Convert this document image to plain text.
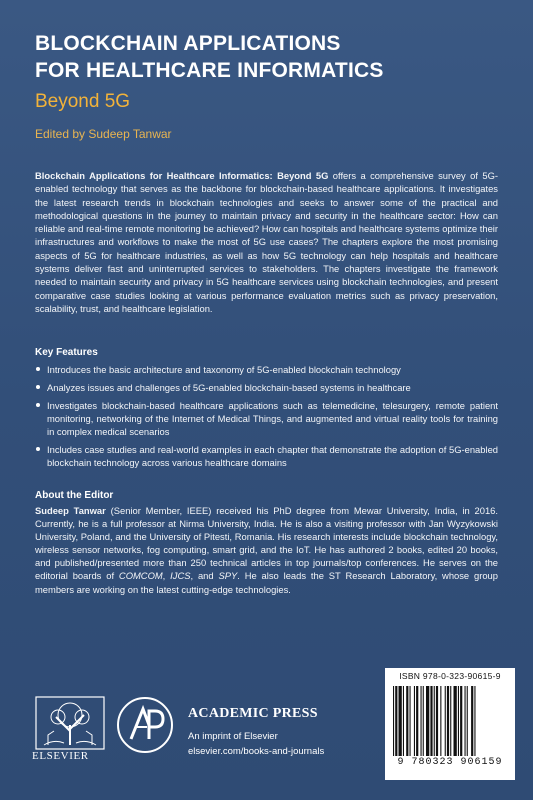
BLOCKCHAIN APPLICATIONS
FOR HEALTHCARE INFORMATICS
Beyond 5G
Edited by Sudeep Tanwar
Blockchain Applications for Healthcare Informatics: Beyond 5G offers a comprehensive survey of 5G-enabled technology that serves as the backbone for blockchain-based healthcare applications. It investigates the latest research trends in blockchain technologies and seeks to answer some of the practical and methodological questions in the journey to maintain privacy and security in the healthcare sector: How can reliable and real-time remote monitoring be achieved? How can hospitals and healthcare systems optimize their infrastructures and workflows to make the most of 5G use cases? The chapters explore the most promising aspects of 5G for healthcare industries, as well as how 5G technology can help hospitals and healthcare systems deliver fast and uninterrupted services to stakeholders. The chapters investigate the framework needed to maintain security and privacy in 5G healthcare services using blockchain technologies, and present comparative case studies looking at various performance evaluation metrics such as privacy preservation, scalability, trust, and healthcare legislation.
Key Features
Introduces the basic architecture and taxonomy of 5G-enabled blockchain technology
Analyzes issues and challenges of 5G-enabled blockchain-based systems in healthcare
Investigates blockchain-based healthcare applications such as telemedicine, telesurgery, remote patient monitoring, networking of the Internet of Medical Things, and augmented and virtual reality tools for training in complex medical scenarios
Includes case studies and real-world examples in each chapter that demonstrate the adoption of 5G-enabled blockchain technology across various healthcare domains
About the Editor
Sudeep Tanwar (Senior Member, IEEE) received his PhD degree from Mewar University, India, in 2016. Currently, he is a full professor at Nirma University, India. He is also a visiting professor with Jan Wyzykowski University, Poland, and the University of Pitesti, Romania. His research interests include blockchain technology, wireless sensor networks, fog computing, smart grid, and the IoT. He has authored 2 books, edited 20 books, and published/presented more than 250 technical articles in top journals/top conferences. He serves on the editorial boards of COMCOM, IJCS, and SPY. He also leads the ST Research Laboratory, whose group members are working on the latest cutting-edge technologies.
ELSEVIER
ACADEMIC PRESS
An imprint of Elsevier
elsevier.com/books-and-journals
ISBN 978-0-323-90615-9
9 780323 906159
